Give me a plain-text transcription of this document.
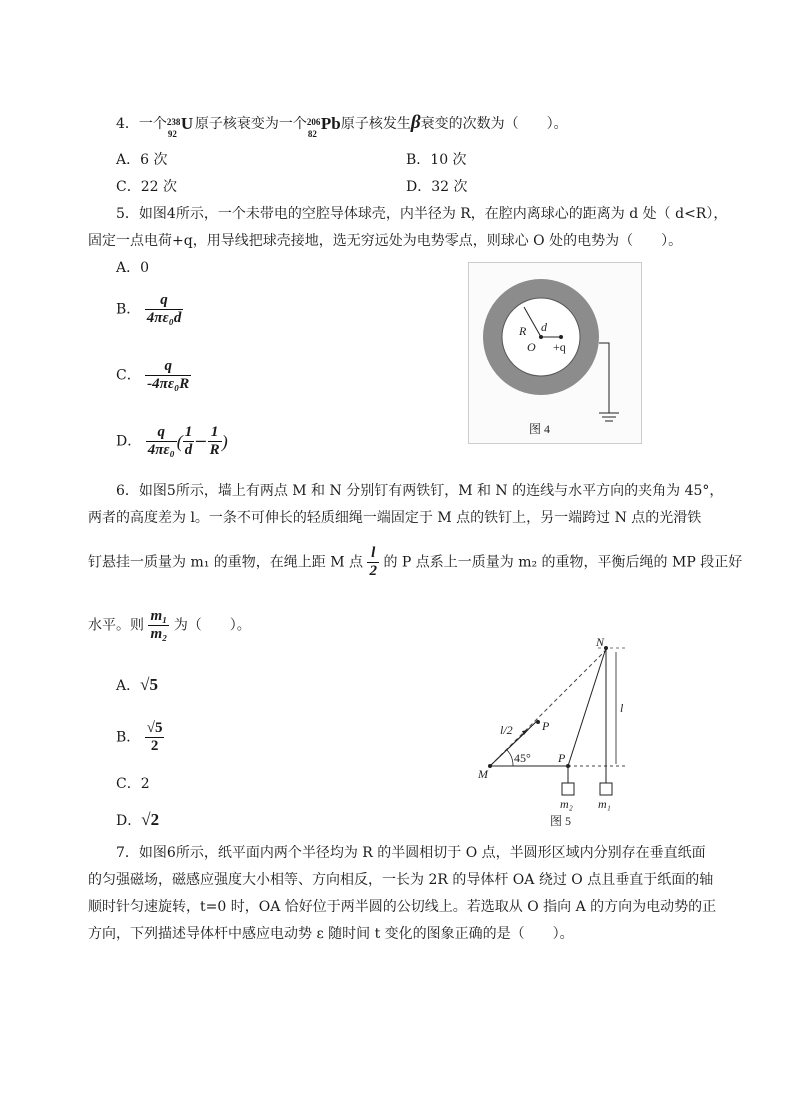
4．一个 238
92
U 原子核衰变为一个 206
82
Pb 原子核发生β衰变的次数为（　　）。
A．6 次	B．10 次
C．22 次	D．32 次
5．如图4所示，一个未带电的空腔导体球壳，内半径为 R，在腔内离球心的距离为 d 处（ d<R），
固定一点电荷+q，用导线把球壳接地，选无穷远处为电势零点，则球心 O 处的电势为（　　）。
A．0
B． $\frac{q}{\text{4πε₀d}}$
C． $\frac{q}{\text{-4πε₀R}}$
D． $\frac{q}{\text{4πε₀}}$ ( $\frac{1}{d} - \frac{1}{R}$ )
R d
O +q
图 4
6．如图5所示，墙上有两点 M 和 N 分别钉有两铁钉，M 和 N 的连线与水平方向的夹角为 45°，
两者的高度差为 l。一条不可伸长的轻质细绳一端固定于 M 点的铁钉上，另一端跨过 N 点的光滑铁
钉悬挂一质量为 m₁ 的重物，在绳上距 M 点 $\frac{l}{2}$ 的 P 点系上一质量为 m₂ 的重物，平衡后绳的 MP 段正好
水平。则 $\frac{\text{m₁}}{\text{m₂}}$ 为（　　）。
A．√5
B． $\frac{√5}{2}$
C．2
D．√2
N
M
P
P
l
l/2
45°
m₂ m₁
图 5
7．如图6所示，纸平面内两个半径均为 R 的半圆相切于 O 点，半圆形区域内分别存在垂直纸面
的匀强磁场，磁感应强度大小相等、方向相反，一长为 2R 的导体杆 OA 绕过 O 点且垂直于纸面的轴
顺时针匀速旋转，t=0 时，OA 恰好位于两半圆的公切线上。若选取从 O 指向 A 的方向为电动势的正
方向，下列描述导体杆中感应电动势 ε 随时间 t 变化的图象正确的是（　　）。
